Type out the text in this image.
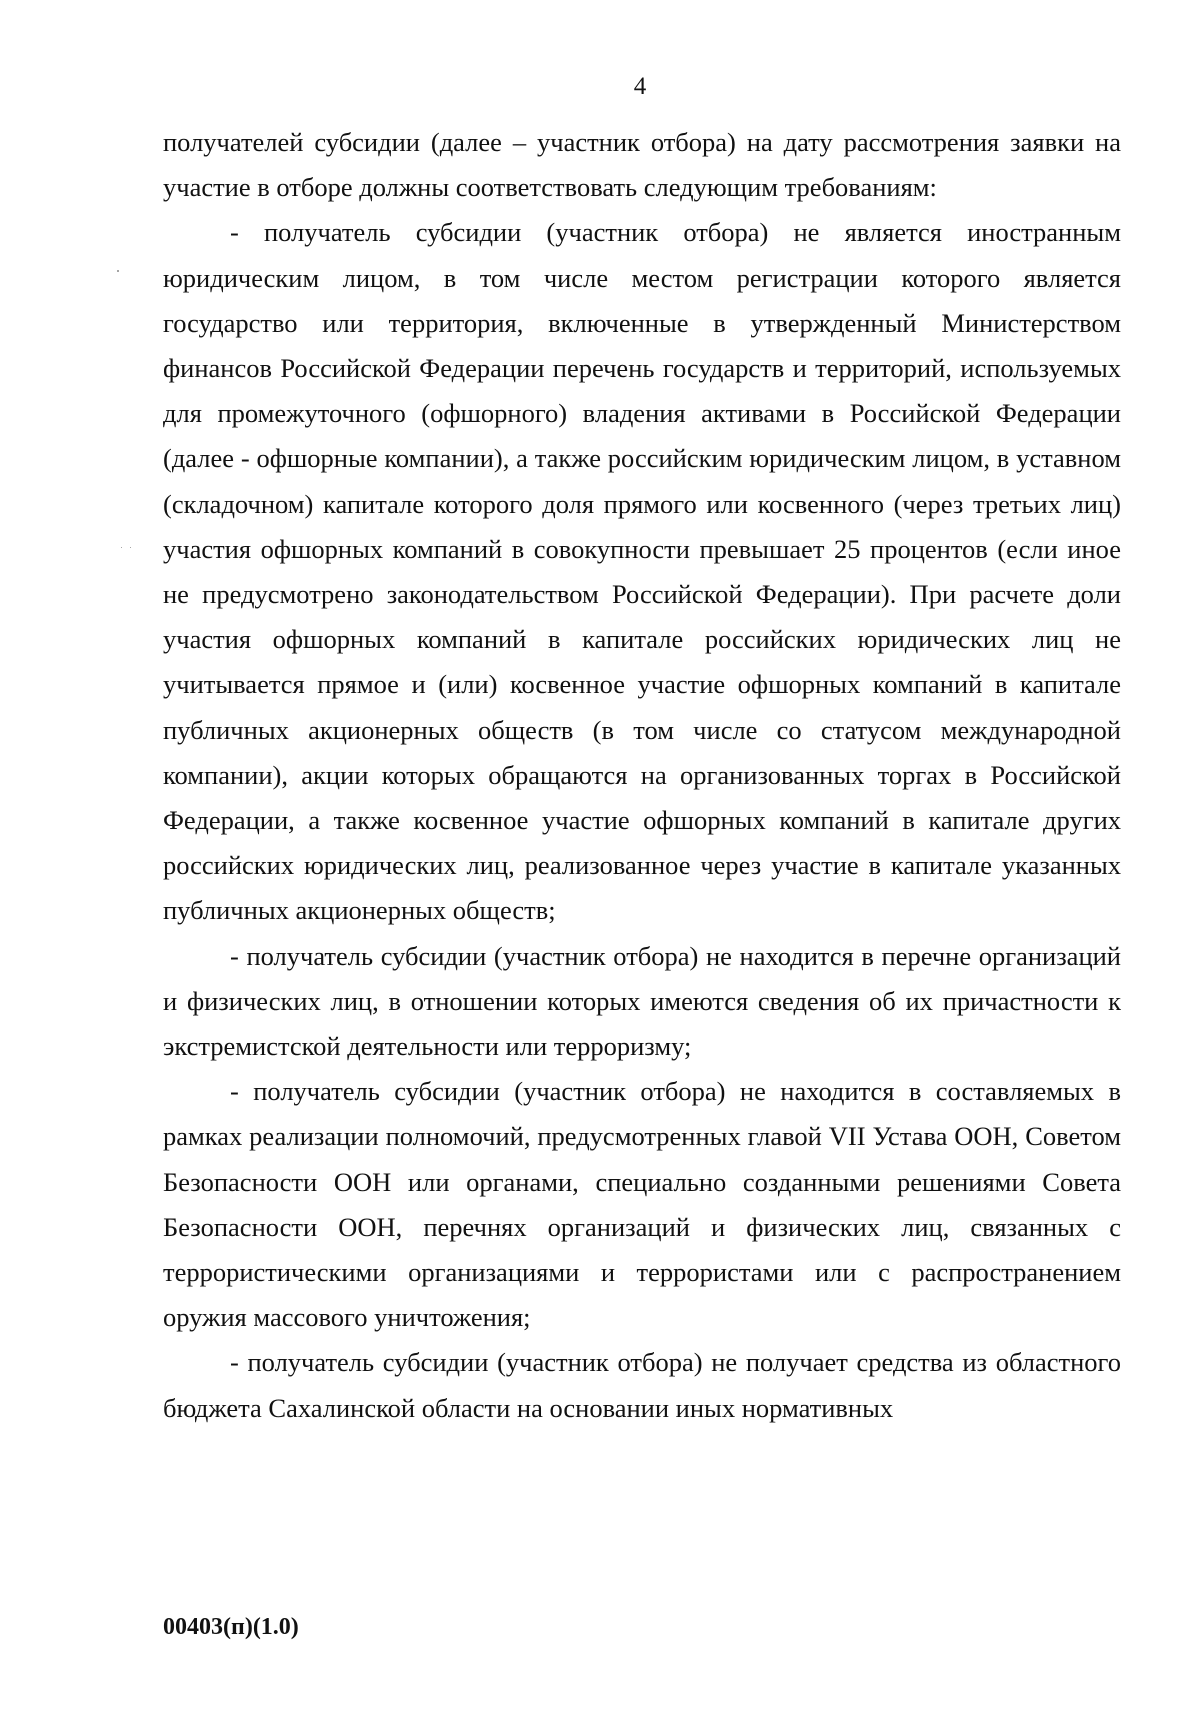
4

получателей субсидии (далее – участник отбора) на дату рассмотрения заявки на участие в отборе должны соответствовать следующим требованиям:

- получатель субсидии (участник отбора) не является иностранным юридическим лицом, в том числе местом регистрации которого является государство или территория, включенные в утвержденный Министерством финансов Российской Федерации перечень государств и территорий, используемых для промежуточного (офшорного) владения активами в Российской Федерации (далее - офшорные компании), а также российским юридическим лицом, в уставном (складочном) капитале которого доля прямого или косвенного (через третьих лиц) участия офшорных компаний в совокупности превышает 25 процентов (если иное не предусмотрено законодательством Российской Федерации). При расчете доли участия офшорных компаний в капитале российских юридических лиц не учитывается прямое и (или) косвенное участие офшорных компаний в капитале публичных акционерных обществ (в том числе со статусом международной компании), акции которых обращаются на организованных торгах в Российской Федерации, а также косвенное участие офшорных компаний в капитале других российских юридических лиц, реализованное через участие в капитале указанных публичных акционерных обществ;

- получатель субсидии (участник отбора) не находится в перечне организаций и физических лиц, в отношении которых имеются сведения об их причастности к экстремистской деятельности или терроризму;

- получатель субсидии (участник отбора) не находится в составляемых в рамках реализации полномочий, предусмотренных главой VII Устава ООН, Советом Безопасности ООН или органами, специально созданными решениями Совета Безопасности ООН, перечнях организаций и физических лиц, связанных с террористическими организациями и террористами или с распространением оружия массового уничтожения;

- получатель субсидии (участник отбора) не получает средства из областного бюджета Сахалинской области на основании иных нормативных

00403(п)(1.0)
